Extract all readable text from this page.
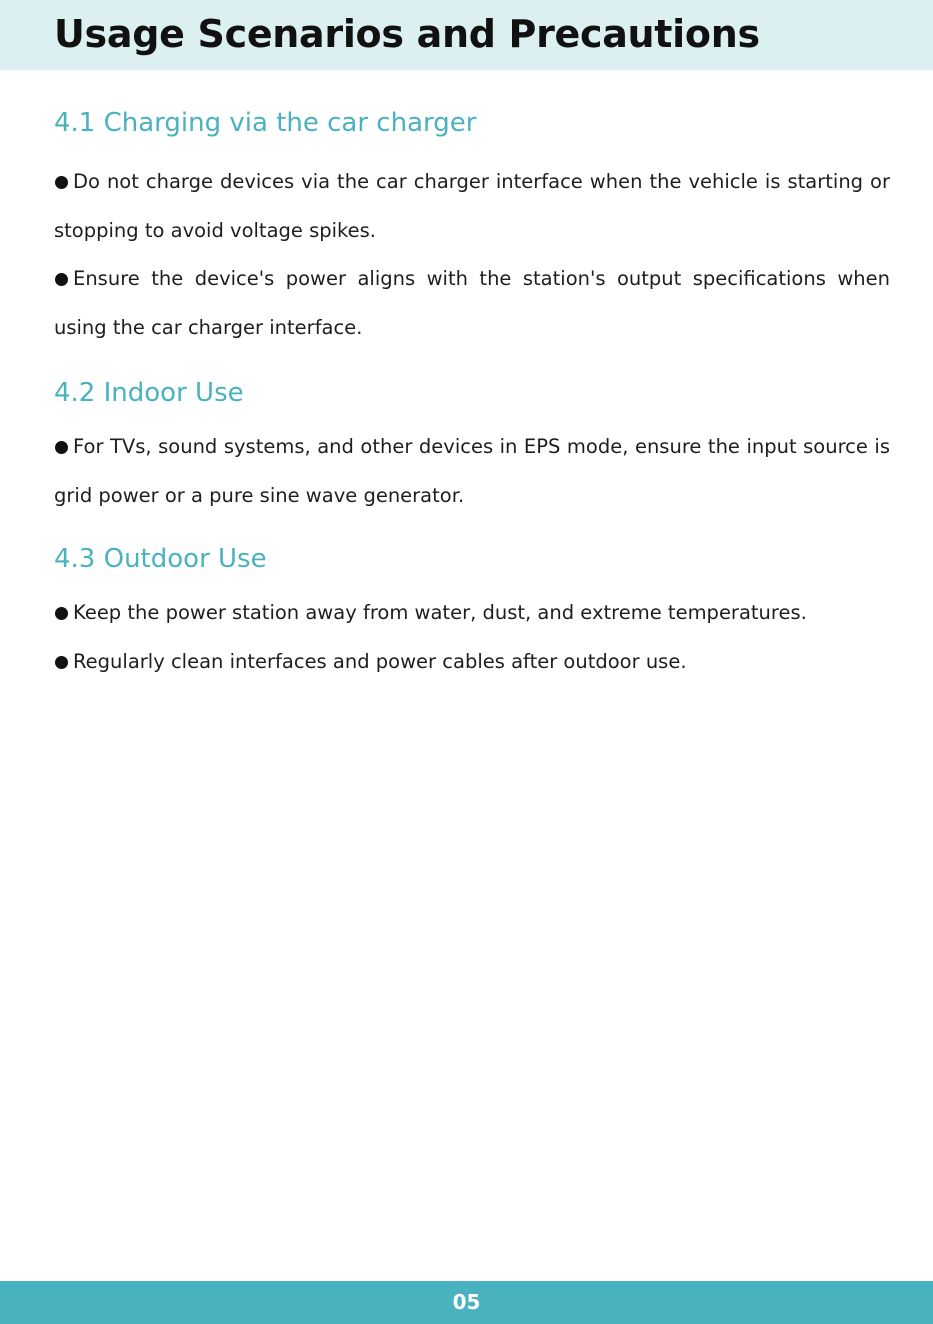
Usage Scenarios and Precautions
4.1 Charging via the car charger

Do not charge devices via the car charger interface when the vehicle is starting or stopping to avoid voltage spikes.

Ensure the device's power aligns with the station's output specifications when using the car charger interface.

4.2 Indoor Use

For TVs, sound systems, and other devices in EPS mode, ensure the input source is grid power or a pure sine wave generator.

4.3 Outdoor Use

Keep the power station away from water, dust, and extreme temperatures.

Regularly clean interfaces and power cables after outdoor use.

05
